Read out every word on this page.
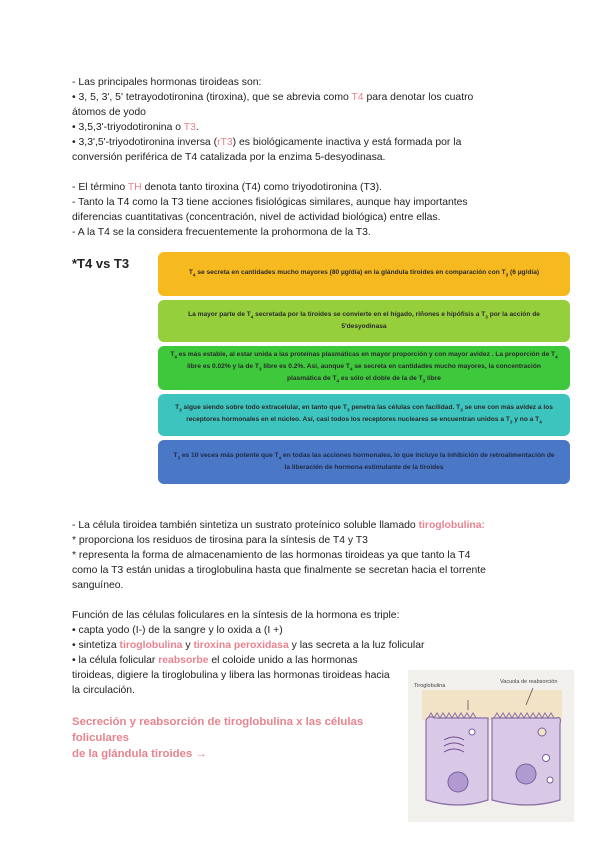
- Las principales hormonas tiroideas son:
• 3, 5, 3', 5' tetrayodotironina (tiroxina), que se abrevia como T4 para denotar los cuatro
átomos de yodo
• 3,5,3'-triyodotironina o T3.
• 3,3',5'-triyodotironina inversa (rT3) es biológicamente inactiva y está formada por la
conversión periférica de T4 catalizada por la enzima 5-desyodinasa.
- El término TH denota tanto tiroxina (T4) como triyodotironina (T3).
- Tanto la T4 como la T3 tiene acciones fisiológicas similares, aunque hay importantes
diferencias cuantitativas (concentración, nivel de actividad biológica) entre ellas.
- A la T4 se la considera frecuentemente la prohormona de la T3.
*T4 vs T3
$T_4$ se secreta en cantidades mucho mayores (80 µg/día) en la glándula tiroides en comparación con $T_3$ (6 µg/día)
La mayor parte de $T_4$ secretada por la tiroides se convierte en el hígado, riñones e hipófisis a $T_3$ por la acción de 5'desyodinasa
$T_4$ es más estable, al estar unida a las proteínas plasmáticas en mayor proporción y con mayor avidez . La proporción de $T_4$ libre es 0.02% y la de $T_3$ libre es 0.2%. Así, aunque $T_4$ se secreta en cantidades mucho mayores, la concentración plasmática de $T_4$ es sólo el doble de la de $T_3$ libre
$T_3$ sigue siendo sobre todo extracelular, en tanto que $T_3$ penetra las células con facilidad. $T_3$ se une con más avidez a los receptores hormonales en el núcleo. Así, casi todos los receptores nucleares se encuentran unidos a $T_3$ y no a $T_4$
$T_3$ es 10 veces más potente que $T_4$ en todas las acciones hormonales, lo que incluye la inhibición de retroalimentación de la liberación de hormona estimulante de la tiroides
- La célula tiroidea también sintetiza un sustrato proteínico soluble llamado tiroglobulina:
* proporciona los residuos de tirosina para la síntesis de T4 y T3
* representa la forma de almacenamiento de las hormonas tiroideas ya que tanto la T4
como la T3 están unidas a tiroglobulina hasta que finalmente se secretan hacia el torrente
sanguíneo.
Función de las células foliculares en la síntesis de la hormona es triple:
• capta yodo (I-) de la sangre y lo oxida a (I +)
• sintetiza tiroglobulina y tiroxina peroxidasa y las secreta a la luz folicular
• la célula folicular reabsorbe el coloide unido a las hormonas
tiroideas, digiere la tiroglobulina y libera las hormonas tiroideas hacia
la circulación.
Secreción y reabsorción de tiroglobulina x las células foliculares
de la glándula tiroides →
Tiroglobulina
Vacuola de reabsorción
